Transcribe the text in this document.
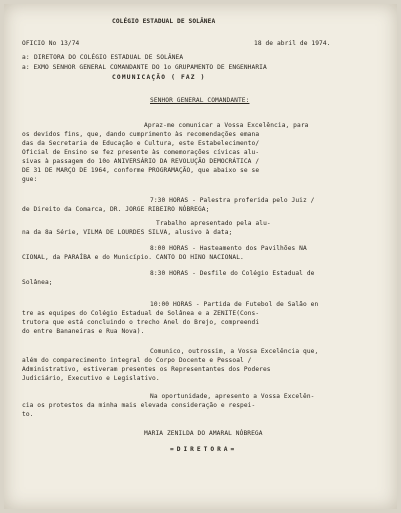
COLÉGIO ESTADUAL DE SOLÂNEA
OFICIO No 13/74	18 de abril de 1974.
a: DIRETORA DO COLÉGIO ESTADUAL DE SOLÂNEA
a: EXMO SENHOR GENERAL COMANDANTE DO 1o GRUPAMENTO DE ENGENHARIA
COMUNICAÇÃO ( FAZ )
SENHOR GENERAL COMANDANTE:
Apraz-me comunicar a Vossa Excelência, para
os devidos fins, que, dando cumprimento às recomendações emana
das da Secretaria de Educação e Cultura, este Estabelecimento/
Oficial de Ensino se fez presente às comemorações cívicas alu-
sivas à passagem do 10o ANIVERSÁRIO DA REVOLUÇÃO DEMOCRÁTICA /
DE 31 DE MARÇO DE 1964, conforme PROGRAMAÇÃO, que abaixo se se
gue:
7:30 HORAS - Palestra proferida pelo Juiz /
de Direito da Comarca, DR. JORGE RIBEIRO NÓBREGA;
Trabalho apresentado pela alu-
na da 8a Série, VILMA DE LOURDES SILVA, alusivo à data;
8:00 HORAS - Hasteamento dos Pavilhões NA
CIONAL, da PARAÍBA e do Município. CANTO DO HINO NACIONAL.
8:30 HORAS - Desfile do Colégio Estadual de
Solânea;
10:00 HORAS - Partida de Futebol de Salão en
tre as equipes do Colégio Estadual de Solânea e a ZENITE(Cons-
trutora que está concluindo o trecho Anel do Brejo, compreendi
do entre Bananeiras e Rua Nova).
Comunico, outrossim, a Vossa Excelência que,
além do comparecimento integral do Corpo Docente e Pessoal /
Administrativo, estiveram presentes os Representantes dos Poderes
Judiciário, Executivo e Legislativo.
Na oportunidade, apresento a Vossa Excelên-
cia os protestos da minha mais elevada consideração e respei-
to.
MARIA ZENILDA DO AMARAL NÓBREGA
=DIRETORA=
